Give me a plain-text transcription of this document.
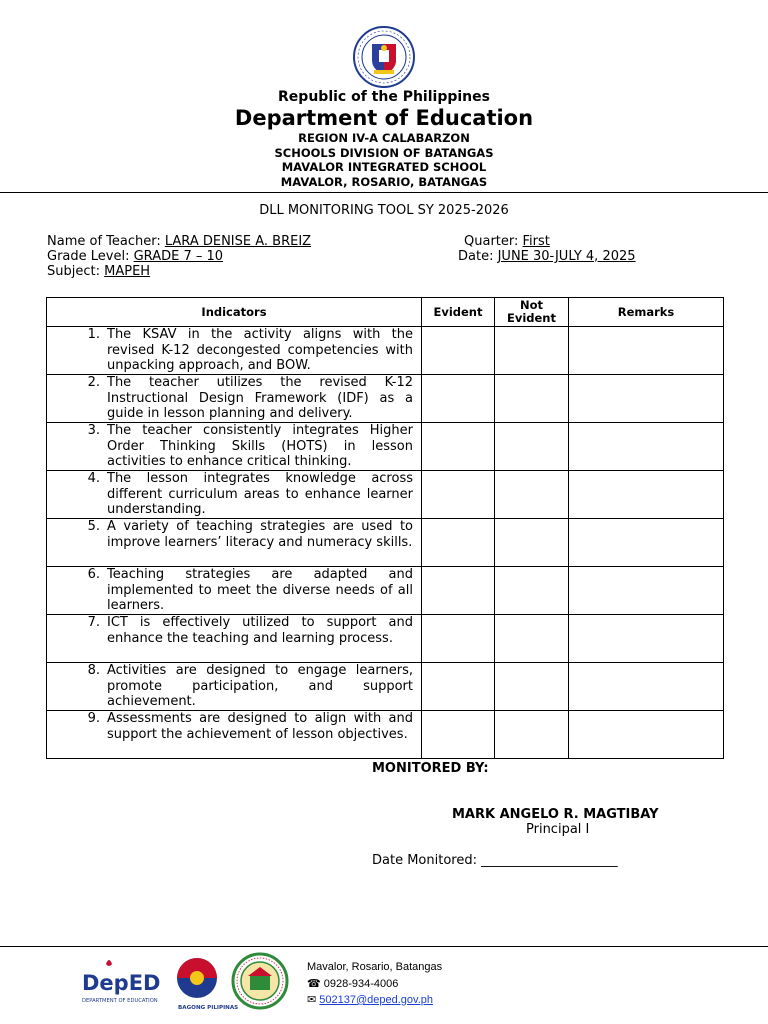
Republic of the Philippines
Department of Education
REGION IV-A CALABARZON
SCHOOLS DIVISION OF BATANGAS
MAVALOR INTEGRATED SCHOOL
MAVALOR, ROSARIO, BATANGAS
DLL MONITORING TOOL SY 2025-2026
Name of Teacher: LARA DENISE A. BREIZ	Quarter: First
Grade Level: GRADE 7 – 10	Date: JUNE 30-JULY 4, 2025
Subject: MAPEH
Indicators	Evident	Not Evident	Remarks

1. The KSAV in the activity aligns with the revised K-12 decongested competencies with unpacking approach, and BOW.			

2. The teacher utilizes the revised K-12 Instructional Design Framework (IDF) as a guide in lesson planning and delivery.			

3. The teacher consistently integrates Higher Order Thinking Skills (HOTS) in lesson activities to enhance critical thinking.			

4. The lesson integrates knowledge across different curriculum areas to enhance learner understanding.			

5. A variety of teaching strategies are used to improve learners’ literacy and numeracy skills.			

6. Teaching strategies are adapted and implemented to meet the diverse needs of all learners.			

7. ICT is effectively utilized to support and enhance the teaching and learning process.			

8. Activities are designed to engage learners, promote participation, and support achievement.			

9. Assessments are designed to align with and support the achievement of lesson objectives.			

MONITORED BY:
MARK ANGELO R. MAGTIBAY
Principal I
Date Monitored: _____________________
DepED
DEPARTMENT OF EDUCATION
BAGONG PILIPINAS
Mavalor, Rosario, Batangas
☎ 0928-934-4006
✉ 502137@deped.gov.ph
